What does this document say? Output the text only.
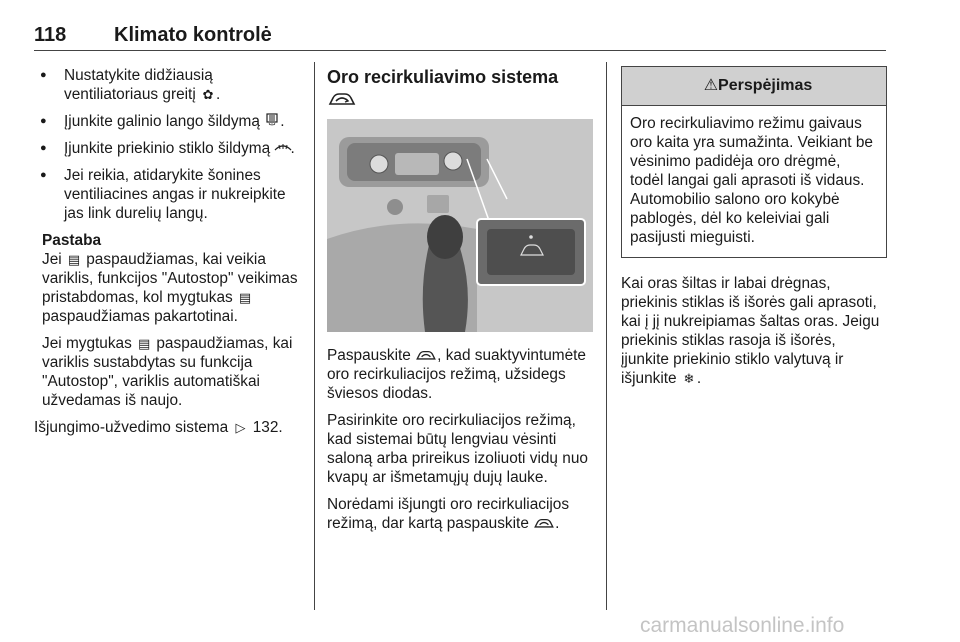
118 Klimato kontrolė
● Nustatykite didžiausią ventiliatoriaus greitį ✿ .
● Įjunkite galinio lango šildymą .
● Įjunkite priekinio stiklo šildymą .
● Jei reikia, atidarykite šonines ventiliacines angas ir nukreipkite jas link durelių langų.
Pastaba

Jei ▤ paspaudžiamas, kai veikia variklis, funkcijos "Autostop" veikimas pristabdomas, kol mygtukas ▤ paspaudžiamas pakartotinai.

Jei mygtukas ▤ paspaudžiamas, kai variklis sustabdytas su funkcija "Autostop", variklis automatiškai užvedamas iš naujo.

Išjungimo-užvedimo sistema ▷ 132.

Oro recirkuliavimo sistema

Paspauskite , kad suaktyvintumėte oro recirkuliacijos režimą, užsidegs šviesos diodas.

Pasirinkite oro recirkuliacijos režimą, kad sistemai būtų lengviau vėsinti saloną arba prireikus izoliuoti vidų nuo kvapų ar išmetamųjų dujų lauke.

Norėdami išjungti oro recirkuliacijos režimą, dar kartą paspauskite .

⚠Perspėjimas
Oro recirkuliavimo režimu gaivaus oro kaita yra sumažinta. Veikiant be vėsinimo padidėja oro drėgmė, todėl langai gali aprasoti iš vidaus. Automobilio salono oro kokybė pablogės, dėl ko keleiviai gali pasijusti mieguisti.

Kai oras šiltas ir labai drėgnas, priekinis stiklas iš išorės gali aprasoti, kai į jį nukreipiamas šaltas oras. Jeigu priekinis stiklas rasoja iš išorės, įjunkite priekinio stiklo valytuvą ir išjunkite ❄ .

carmanualsonline.info
